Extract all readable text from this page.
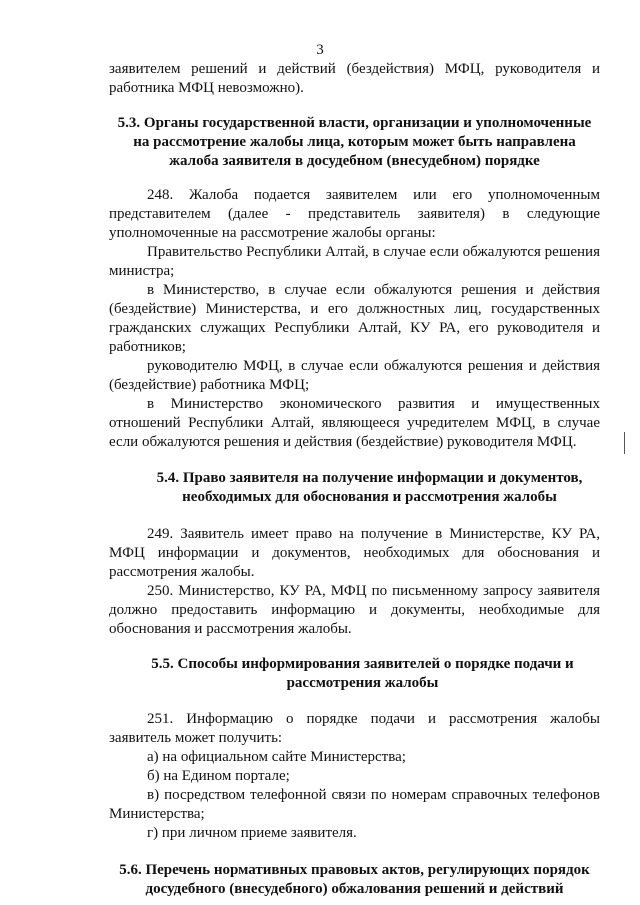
3

заявителем решений и действий (бездействия) МФЦ, руководителя и работника МФЦ невозможно).

5.3. Органы государственной власти, организации и уполномоченные на рассмотрение жалобы лица, которым может быть направлена жалоба заявителя в досудебном (внесудебном) порядке

248. Жалоба подается заявителем или его уполномоченным представителем (далее - представитель заявителя) в следующие уполномоченные на рассмотрение жалобы органы:

Правительство Республики Алтай, в случае если обжалуются решения министра;

в Министерство, в случае если обжалуются решения и действия (бездействие) Министерства, и его должностных лиц, государственных гражданских служащих Республики Алтай, КУ РА, его руководителя и работников;

руководителю МФЦ, в случае если обжалуются решения и действия (бездействие) работника МФЦ;

в Министерство экономического развития и имущественных отношений Республики Алтай, являющееся учредителем МФЦ, в случае если обжалуются решения и действия (бездействие) руководителя МФЦ.

5.4. Право заявителя на получение информации и документов, необходимых для обоснования и рассмотрения жалобы

249. Заявитель имеет право на получение в Министерстве, КУ РА, МФЦ информации и документов, необходимых для обоснования и рассмотрения жалобы.

250. Министерство, КУ РА, МФЦ по письменному запросу заявителя должно предоставить информацию и документы, необходимые для обоснования и рассмотрения жалобы.

5.5. Способы информирования заявителей о порядке подачи и рассмотрения жалобы

251. Информацию о порядке подачи и рассмотрения жалобы заявитель может получить:

а) на официальном сайте Министерства;

б) на Едином портале;

в) посредством телефонной связи по номерам справочных телефонов Министерства;

г) при личном приеме заявителя.

5.6. Перечень нормативных правовых актов, регулирующих порядок досудебного (внесудебного) обжалования решений и действий
